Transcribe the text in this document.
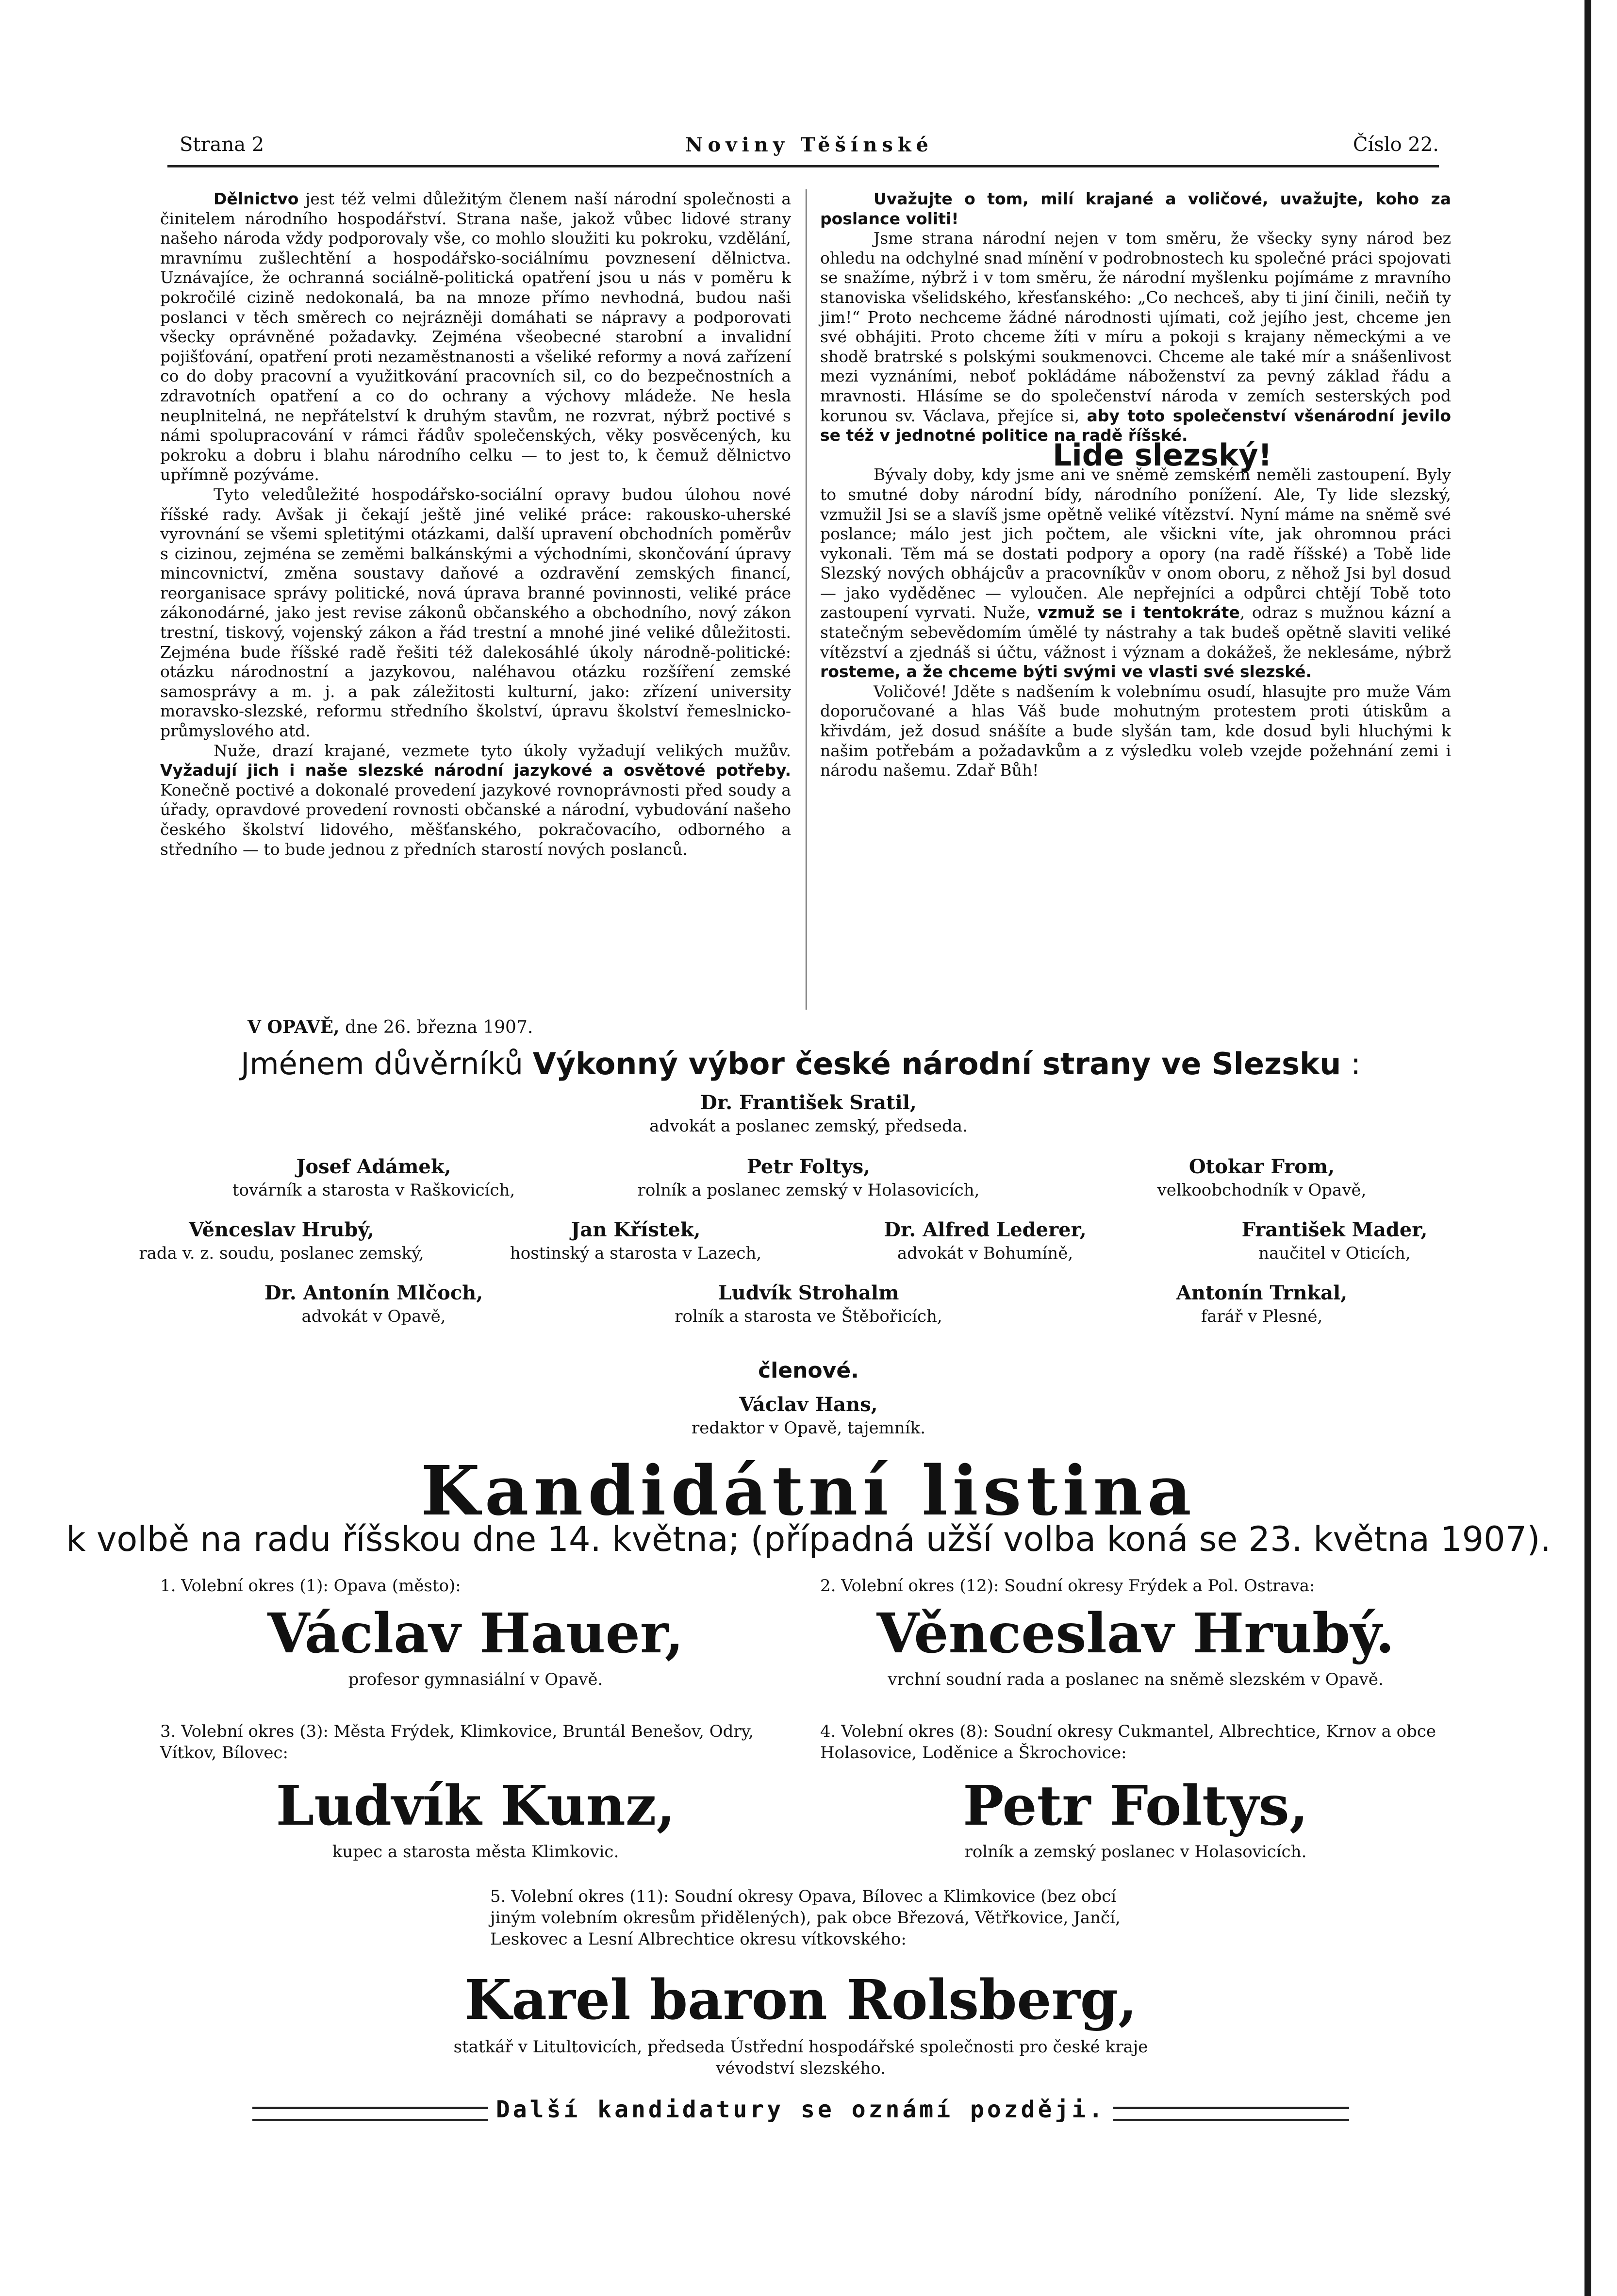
Strana 2	Noviny Těšínské	Číslo 22.

Dělnictvo jest též velmi důležitým členem naší národní společnosti a činitelem národního hospodářství. Strana naše, jakož vůbec lidové strany našeho národa vždy podporovaly vše, co mohlo sloužiti ku pokroku, vzdělání, mravnímu zušlechtění a hospodářsko-sociálnímu povznesení dělnictva. Uznávajíce, že ochranná sociálně-politická opatření jsou u nás v poměru k pokročilé cizině nedokonalá, ba na mnoze přímo nevhodná, budou naši poslanci v těch směrech co nejrázněji domáhati se nápravy a podporovati všecky oprávněné požadavky. Zejména všeobecné starobní a invalidní pojišťování, opatření proti nezaměstnanosti a všeliké reformy a nová zařízení co do doby pracovní a využitkování pracovních sil, co do bezpečnostních a zdravotních opatření a co do ochrany a výchovy mládeže. Ne hesla neuplnitelná, ne nepřátelství k druhým stavům, ne rozvrat, nýbrž poctivé s námi spolupracování v rámci řádův společenských, věky posvěcených, ku pokroku a dobru i blahu národního celku — to jest to, k čemuž dělnictvo upřímně pozýváme.

Tyto veledůležité hospodářsko-sociální opravy budou úlohou nové říšské rady. Avšak ji čekají ještě jiné veliké práce: rakousko-uherské vyrovnání se všemi spletitými otázkami, další upravení obchodních poměrův s cizinou, zejména se zeměmi balkánskými a východními, skončování úpravy mincovnictví, změna soustavy daňové a ozdravění zemských financí, reorganisace správy politické, nová úprava branné povinnosti, veliké práce zákonodárné, jako jest revise zákonů občanského a obchodního, nový zákon trestní, tiskový, vojenský zákon a řád trestní a mnohé jiné veliké důležitosti. Zejména bude říšské radě řešiti též dalekosáhlé úkoly národně-politické: otázku národnostní a jazykovou, naléhavou otázku rozšíření zemské samosprávy a m. j. a pak záležitosti kulturní, jako: zřízení university moravsko-slezské, reformu středního školství, úpravu školství řemeslnicko-průmyslového atd.

Nuže, drazí krajané, vezmete tyto úkoly vyžadují velikých mužův. Vyžadují jich i naše slezské národní jazykové a osvětové potřeby. Konečně poctivé a dokonalé provedení jazykové rovnoprávnosti před soudy a úřady, opravdové provedení rovnosti občanské a národní, vybudování našeho českého školství lidového, měšťanského, pokračovacího, odborného a středního — to bude jednou z předních starostí nových poslanců.

Uvažujte o tom, milí krajané a voličové, uvažujte, koho za poslance voliti!

Jsme strana národní nejen v tom směru, že všecky syny národ bez ohledu na odchylné snad mínění v podrobnostech ku společné práci spojovati se snažíme, nýbrž i v tom směru, že národní myšlenku pojímáme z mravního stanoviska všelidského, křesťanského: „Co nechceš, aby ti jiní činili, nečiň ty jim!“ Proto nechceme žádné národnosti ujímati, což jejího jest, chceme jen své obhájiti. Proto chceme žíti v míru a pokoji s krajany německými a ve shodě bratrské s polskými soukmenovci. Chceme ale také mír a snášenlivost mezi vyznáními, neboť pokládáme náboženství za pevný základ řádu a mravnosti. Hlásíme se do společenství národa v zemích sesterských pod korunou sv. Václava, přejíce si, aby toto společenství všenárodní jevilo se též v jednotné politice na radě říšské.

Lide slezský!

Bývaly doby, kdy jsme ani ve sněmě zemském neměli zastoupení. Byly to smutné doby národní bídy, národního ponížení. Ale, Ty lide slezský, vzmužil Jsi se a slavíš jsme opětně veliké vítězství. Nyní máme na sněmě své poslance; málo jest jich počtem, ale všickni víte, jak ohromnou práci vykonali. Těm má se dostati podpory a opory (na radě říšské) a Tobě lide Slezský nových obhájcův a pracovníkův v onom oboru, z něhož Jsi byl dosud — jako vyděděnec — vyloučen. Ale nepřejníci a odpůrci chtějí Tobě toto zastoupení vyrvati. Nuže, vzmuž se i tentokráte, odraz s mužnou kázní a statečným sebevědomím úmělé ty nástrahy a tak budeš opětně slaviti veliké vítězství a zjednáš si účtu, vážnost i význam a dokážeš, že neklesáme, nýbrž rosteme, a že chceme býti svými ve vlasti své slezské.

Voličové! Jděte s nadšením k volebnímu osudí, hlasujte pro muže Vám doporučované a hlas Váš bude mohutným protestem proti útiskům a křivdám, jež dosud snášíte a bude slyšán tam, kde dosud byli hluchými k našim potřebám a požadavkům a z výsledku voleb vzejde požehnání zemi i národu našemu. Zdař Bůh!

V OPAVĚ, dne 26. března 1907.
Jménem důvěrníků Výkonný výbor české národní strany ve Slezsku :
Dr. František Sratil,
advokát a poslanec zemský, předseda.
Josef Adámek,
továrník a starosta v Raškovicích,
Petr Foltys,
rolník a poslanec zemský v Holasovicích,
Otokar From,
velkoobchodník v Opavě,
Věnceslav Hrubý,
rada v. z. soudu, poslanec zemský,
Jan Křístek,
hostinský a starosta v Lazech,
Dr. Alfred Lederer,
advokát v Bohumíně,
František Mader,
naučitel v Oticích,
Dr. Antonín Mlčoch,
advokát v Opavě,
Ludvík Strohalm
rolník a starosta ve Štěbořicích,
Antonín Trnkal,
farář v Plesné,
členové.
Václav Hans,
redaktor v Opavě, tajemník.
Kandidátní listina
k volbě na radu říšskou dne 14. května; (případná užší volba koná se 23. května 1907).
1. Volební okres (1): Opava (město):
Václav Hauer,
profesor gymnasiální v Opavě.
2. Volební okres (12): Soudní okresy Frýdek a Pol. Ostrava:
Věnceslav Hrubý.
vrchní soudní rada a poslanec na sněmě slezském v Opavě.
3. Volební okres (3): Města Frýdek, Klimkovice, Bruntál Benešov, Odry, Vítkov, Bílovec:
Ludvík Kunz,
kupec a starosta města Klimkovic.
4. Volební okres (8): Soudní okresy Cukmantel, Albrechtice, Krnov a obce Holasovice, Loděnice a Škrochovice:
Petr Foltys,
rolník a zemský poslanec v Holasovicích.
5. Volební okres (11): Soudní okresy Opava, Bílovec a Klimkovice (bez obcí jiným volebním okresům přidělených), pak obce Březová, Větřkovice, Jančí, Leskovec a Lesní Albrechtice okresu vítkovského:
Karel baron Rolsberg,
statkář v Litultovicích, předseda Ústřední hospodářské společnosti pro české kraje vévodství slezského.
Další kandidatury se oznámí později.
